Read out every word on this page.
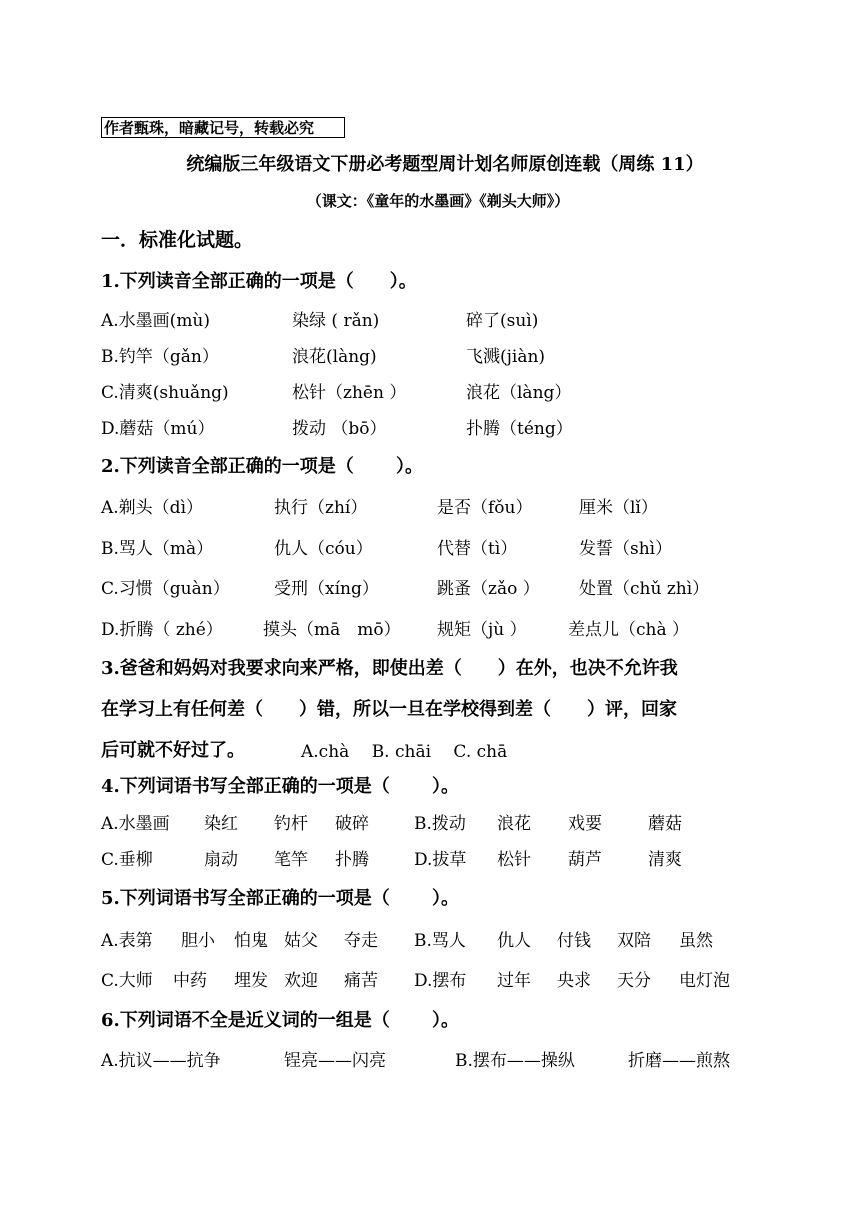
作者甄珠，暗藏记号，转载必究
统编版三年级语文下册必考题型周计划名师原创连载（周练 11）
（课文：《童年的水墨画》《剃头大师》）
一．标准化试题。
1.下列读音全部正确的一项是（　　）。
A.水墨画(mù)	染绿 ( rǎn)	碎了(suì)
B.钓竿（gǎn）	浪花(làng)	飞溅(jiàn)
C.清爽(shuǎng)	松针（zhēn ）	浪花（làng）
D.蘑菇（mú）	拨动 （bō）	扑腾（téng）
2.下列读音全部正确的一项是（　　 ）。
A.剃头（dì）	执行（zhí）	是否（fǒu）	厘米（lǐ）
B.骂人（mà）	仇人（cóu）	代替（tì）	发誓（shì）
C.习惯（guàn）	受刑（xíng）	跳蚤（zǎo ） 处置（chǔ zhì）
D.折腾（ zhé） 摸头（mā　mō） 规矩（jù ） 差点儿（chà ）
3.爸爸和妈妈对我要求向来严格，即使出差（　　）在外，也决不允许我
在学习上有任何差（　　）错，所以一旦在学校得到差（　　）评，回家
后可就不好过了。	A.chà　 B. chāi　 C. chā
4.下列词语书写全部正确的一项是（　　 ）。
A.水墨画 染红 钓杆 破碎	B.拨动 浪花 戏要	蘑菇
C.垂柳	扇动 笔竿 扑腾	D.拔草 松针 葫芦	清爽
5.下列词语书写全部正确的一项是（　　 ）。
A.表第 胆小 怕鬼 姑父 夺走 B.骂人 仇人 付钱 双陪 虽然
C.大师 中药 埋发 欢迎 痛苦 D.摆布 过年 央求 天分 电灯泡
6.下列词语不全是近义词的一组是（　　 ）。
A.抗议——抗争	锃亮——闪亮	B.摆布——操纵	折磨——煎熬
